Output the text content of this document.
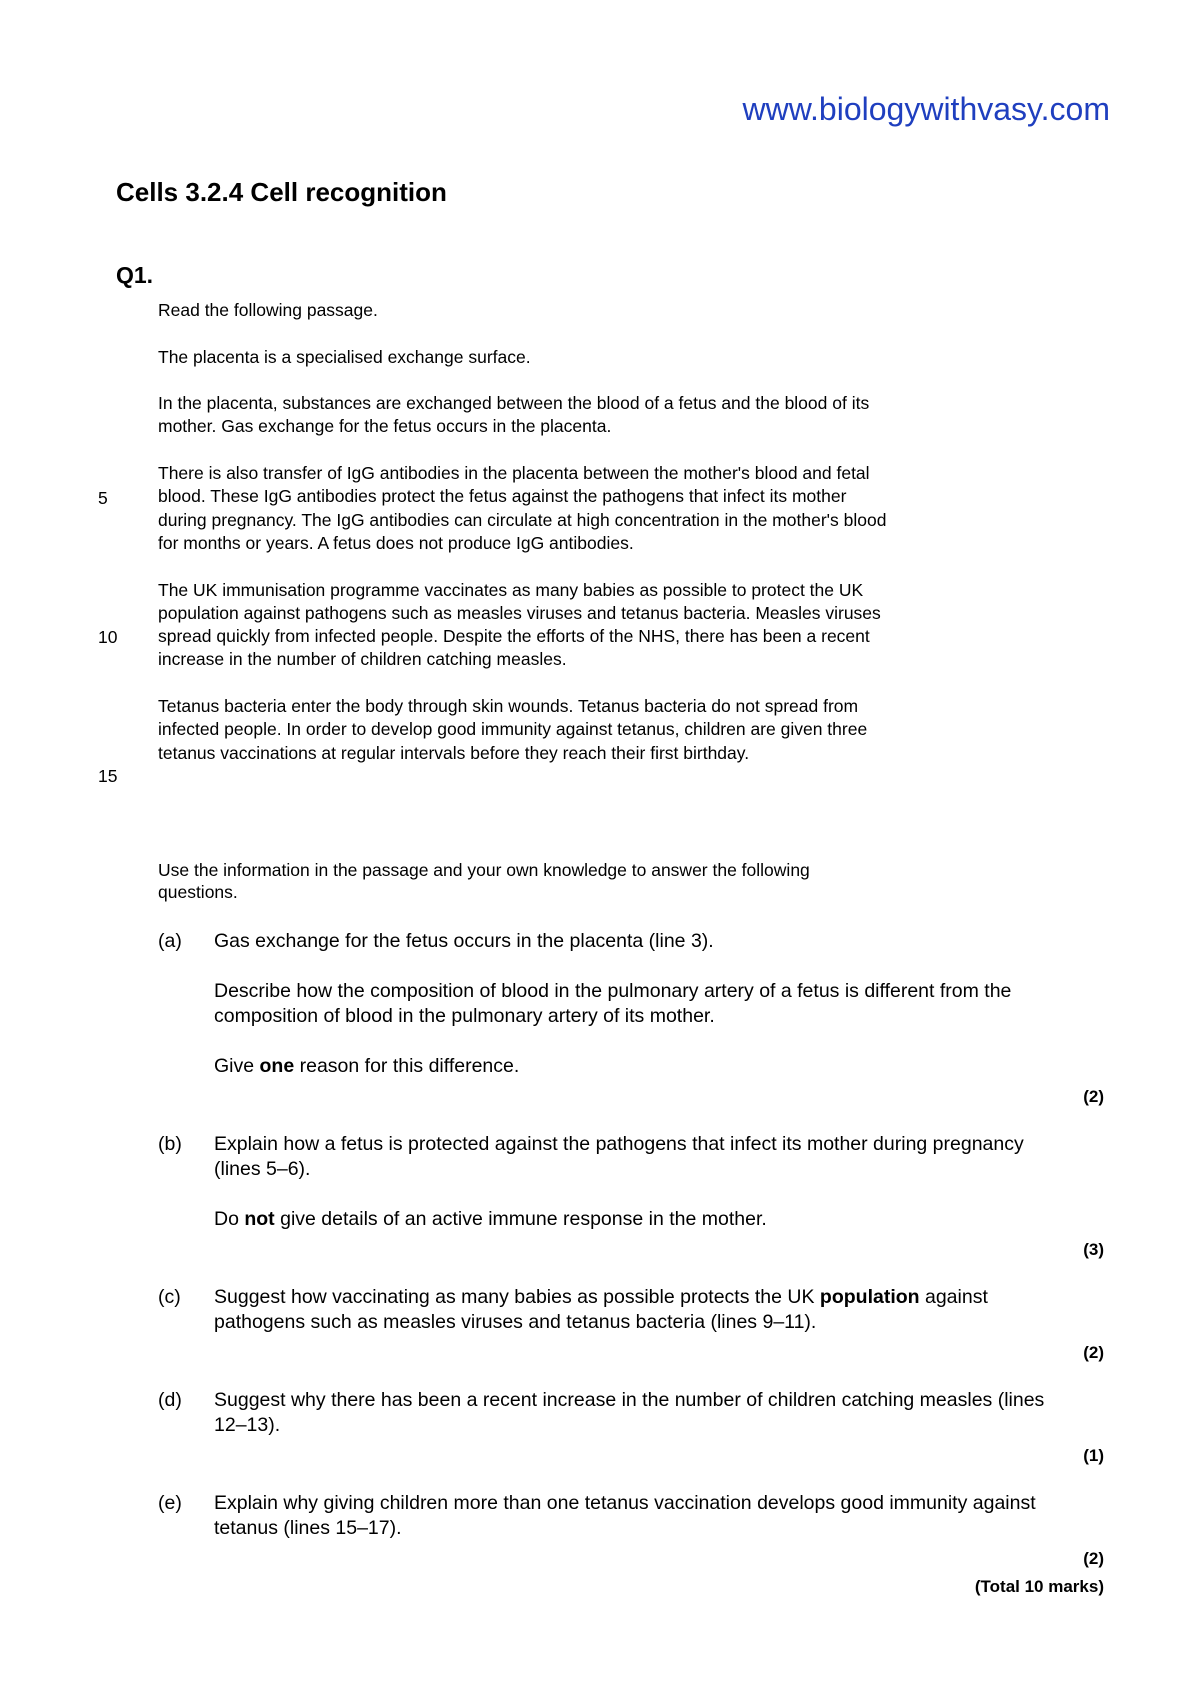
www.biologywithvasy.com
Cells 3.2.4 Cell recognition
Q1.

Read the following passage.

The placenta is a specialised exchange surface.

In the placenta, substances are exchanged between the blood of a fetus and the blood of its mother. Gas exchange for the fetus occurs in the placenta.

There is also transfer of IgG antibodies in the placenta between the mother's blood and fetal blood. These IgG antibodies protect the fetus against the pathogens that infect its mother during pregnancy. The IgG antibodies can circulate at high concentration in the mother's blood for months or years. A fetus does not produce IgG antibodies.

The UK immunisation programme vaccinates as many babies as possible to protect the UK population against pathogens such as measles viruses and tetanus bacteria. Measles viruses spread quickly from infected people. Despite the efforts of the NHS, there has been a recent increase in the number of children catching measles.

Tetanus bacteria enter the body through skin wounds. Tetanus bacteria do not spread from infected people. In order to develop good immunity against tetanus, children are given three tetanus vaccinations at regular intervals before they reach their first birthday.

5
10
15
Use the information in the passage and your own knowledge to answer the following questions.
(a) Gas exchange for the fetus occurs in the placenta (line 3).

Describe how the composition of blood in the pulmonary artery of a fetus is different from the composition of blood in the pulmonary artery of its mother.

Give one reason for this difference.

(2)
(b) Explain how a fetus is protected against the pathogens that infect its mother during pregnancy (lines 5–6).

Do not give details of an active immune response in the mother.

(3)
(c) Suggest how vaccinating as many babies as possible protects the UK population against pathogens such as measles viruses and tetanus bacteria (lines 9–11).

(2)
(d) Suggest why there has been a recent increase in the number of children catching measles (lines 12–13).

(1)
(e) Explain why giving children more than one tetanus vaccination develops good immunity against tetanus (lines 15–17).

(2)
(Total 10 marks)
